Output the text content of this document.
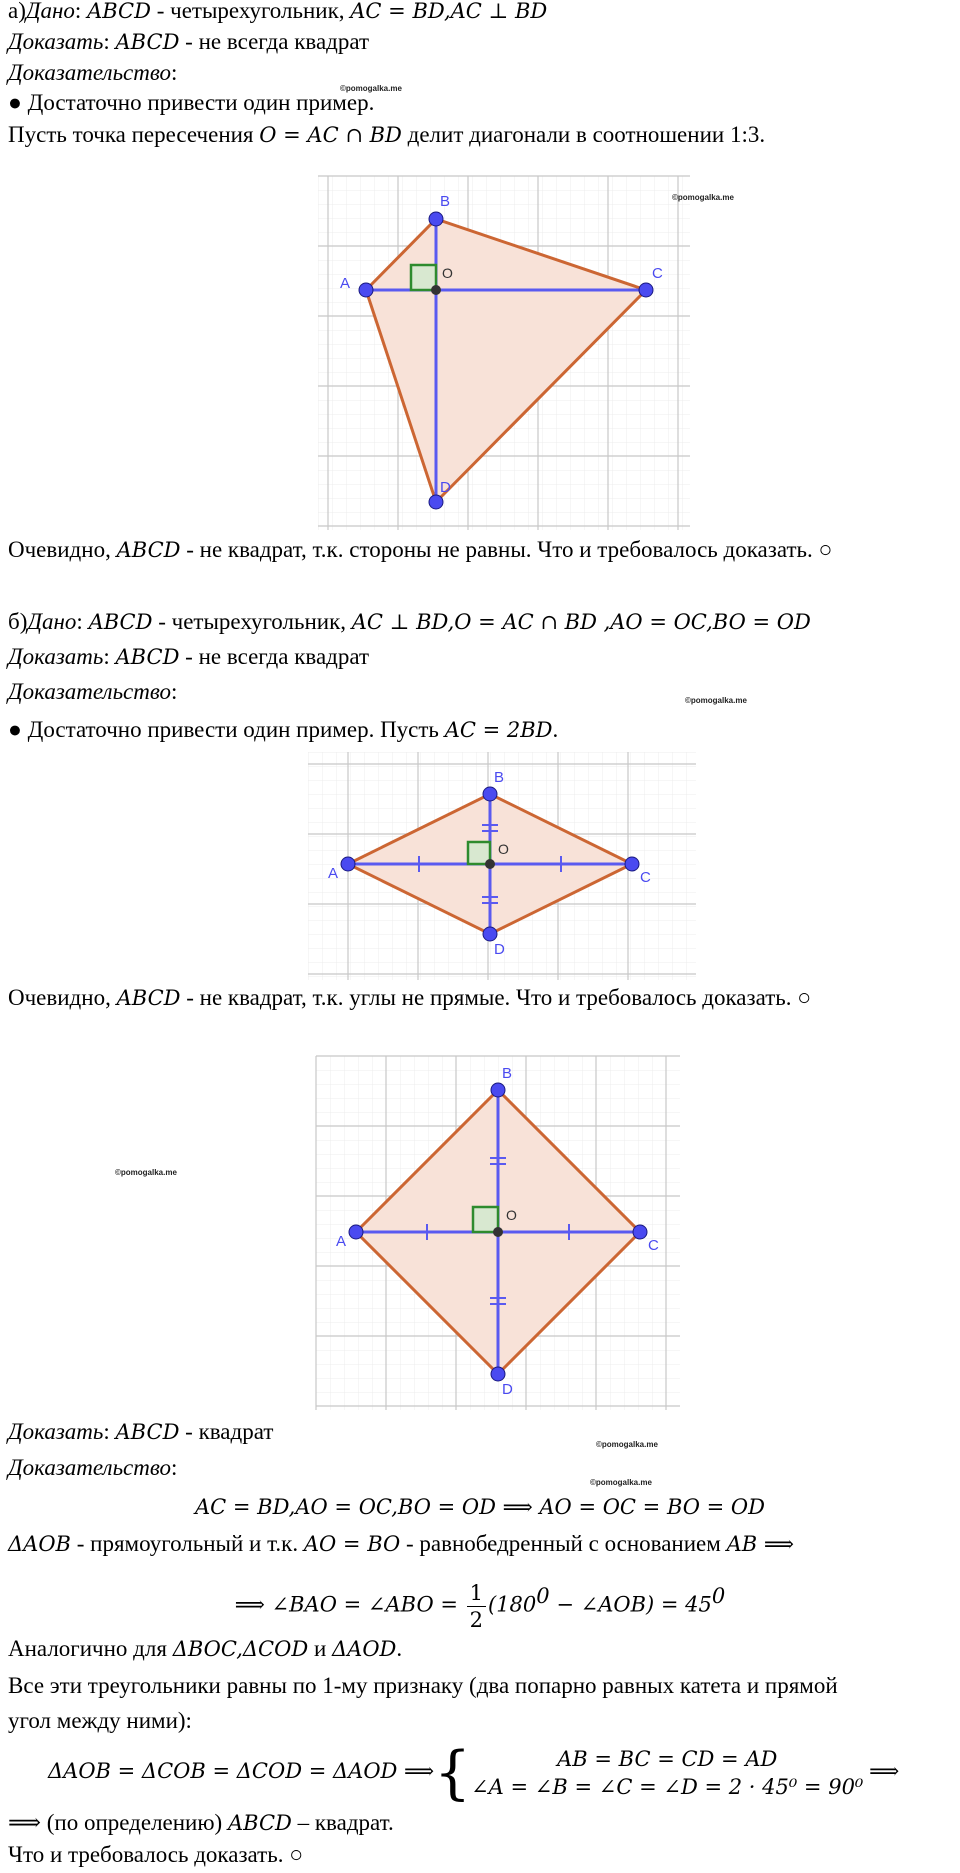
а)Дано: ABCD - четырехугольник, AC = BD,AC ⊥ BD
Доказать: ABCD - не всегда квадрат
Доказательство:
©pomogalka.me
● Достаточно привести один пример.
Пусть точка пересечения O = AC ∩ BD делит диагонали в соотношении 1:3.
A
B
C
D
O
©pomogalka.me
Очевидно, ABCD - не квадрат, т.к. стороны не равны. Что и требовалось доказать. ○
б)Дано: ABCD - четырехугольник, AC ⊥ BD,O = AC ∩ BD ,AO = OC,BO = OD
Доказать: ABCD - не всегда квадрат
Доказательство:	©pomogalka.me
● Достаточно привести один пример. Пусть AC = 2BD.
A
B
C
D
O
Очевидно, ABCD - не квадрат, т.к. углы не прямые. Что и требовалось доказать. ○
©pomogalka.me
A
B
C
D
O
Доказать: ABCD - квадрат
©pomogalka.me
Доказательство:
©pomogalka.me
AC = BD,AO = OC,BO = OD ⟹ AO = OC = BO = OD
ΔAOB - прямоугольный и т.к. AO = BO - равнобедренный с основанием AB ⟹
⟹ ∠BAO = ∠ABO = $\frac{1}{2} (180^0$ − ∠AOB) = $45^0$
Аналогично для ΔBOC,ΔCOD и ΔAOD.
Все эти треугольники равны по 1-му признаку (два попарно равных катета и прямой
угол между ними):
ΔAOB = ΔCOB = ΔCOD = ΔAOD ⟹{	AB = BC = CD = AD
∠A = ∠B = ∠C = ∠D = 2 · 45⁰ = 90⁰
⟹
⟹ (по определению) ABCD – квадрат.
Что и требовалось доказать. ○
